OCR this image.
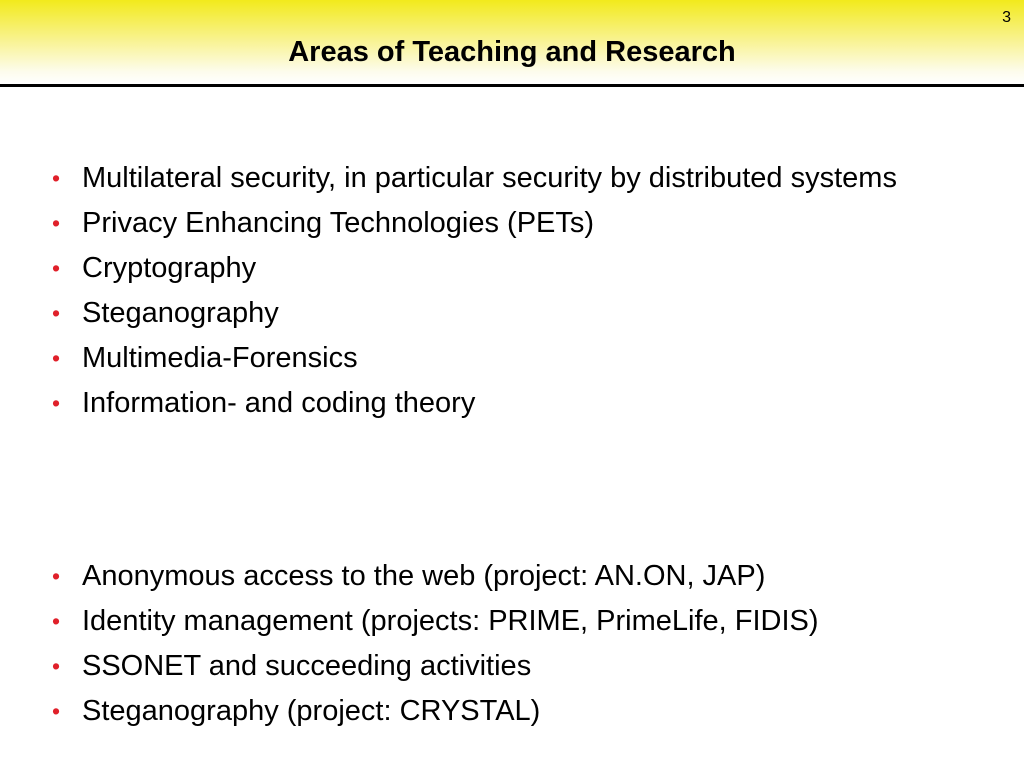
3
Areas of Teaching and Research
• Multilateral security, in particular security by distributed systems
• Privacy Enhancing Technologies (PETs)
• Cryptography
• Steganography
• Multimedia-Forensics
• Information- and coding theory
• Anonymous access to the web (project: AN.ON, JAP)
• Identity management (projects: PRIME, PrimeLife, FIDIS)
• SSONET and succeeding activities
• Steganography (project: CRYSTAL)
